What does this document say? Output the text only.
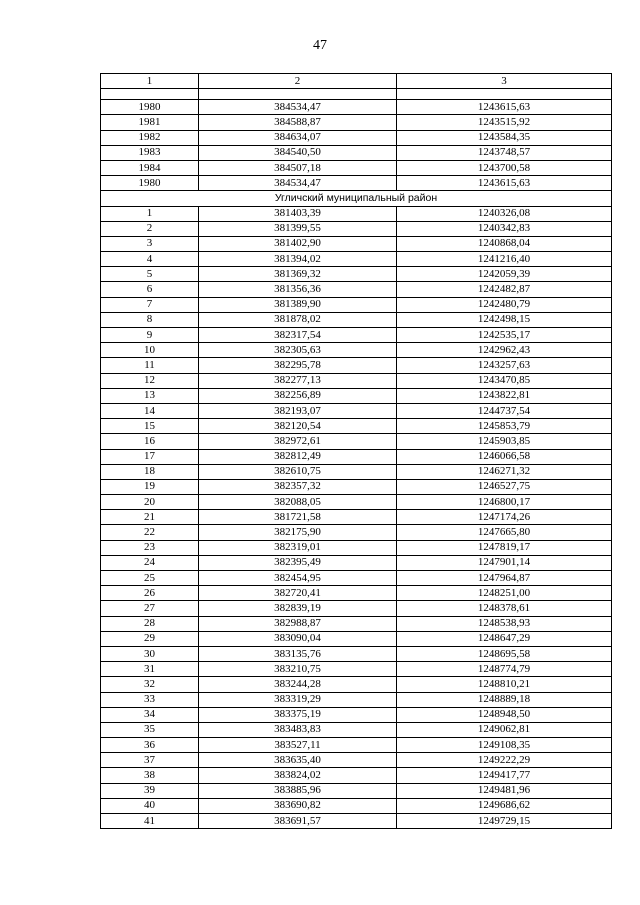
47
1	2	3

1980	384534,47	1243615,63
1981	384588,87	1243515,92
1982	384634,07	1243584,35
1983	384540,50	1243748,57
1984	384507,18	1243700,58
1980	384534,47	1243615,63
Угличский муниципальный район		
1	381403,39	1240326,08
2	381399,55	1240342,83
3	381402,90	1240868,04
4	381394,02	1241216,40
5	381369,32	1242059,39
6	381356,36	1242482,87
7	381389,90	1242480,79
8	381878,02	1242498,15
9	382317,54	1242535,17
10	382305,63	1242962,43
11	382295,78	1243257,63
12	382277,13	1243470,85
13	382256,89	1243822,81
14	382193,07	1244737,54
15	382120,54	1245853,79
16	382972,61	1245903,85
17	382812,49	1246066,58
18	382610,75	1246271,32
19	382357,32	1246527,75
20	382088,05	1246800,17
21	381721,58	1247174,26
22	382175,90	1247665,80
23	382319,01	1247819,17
24	382395,49	1247901,14
25	382454,95	1247964,87
26	382720,41	1248251,00
27	382839,19	1248378,61
28	382988,87	1248538,93
29	383090,04	1248647,29
30	383135,76	1248695,58
31	383210,75	1248774,79
32	383244,28	1248810,21
33	383319,29	1248889,18
34	383375,19	1248948,50
35	383483,83	1249062,81
36	383527,11	1249108,35
37	383635,40	1249222,29
38	383824,02	1249417,77
39	383885,96	1249481,96
40	383690,82	1249686,62
41	383691,57	1249729,15
